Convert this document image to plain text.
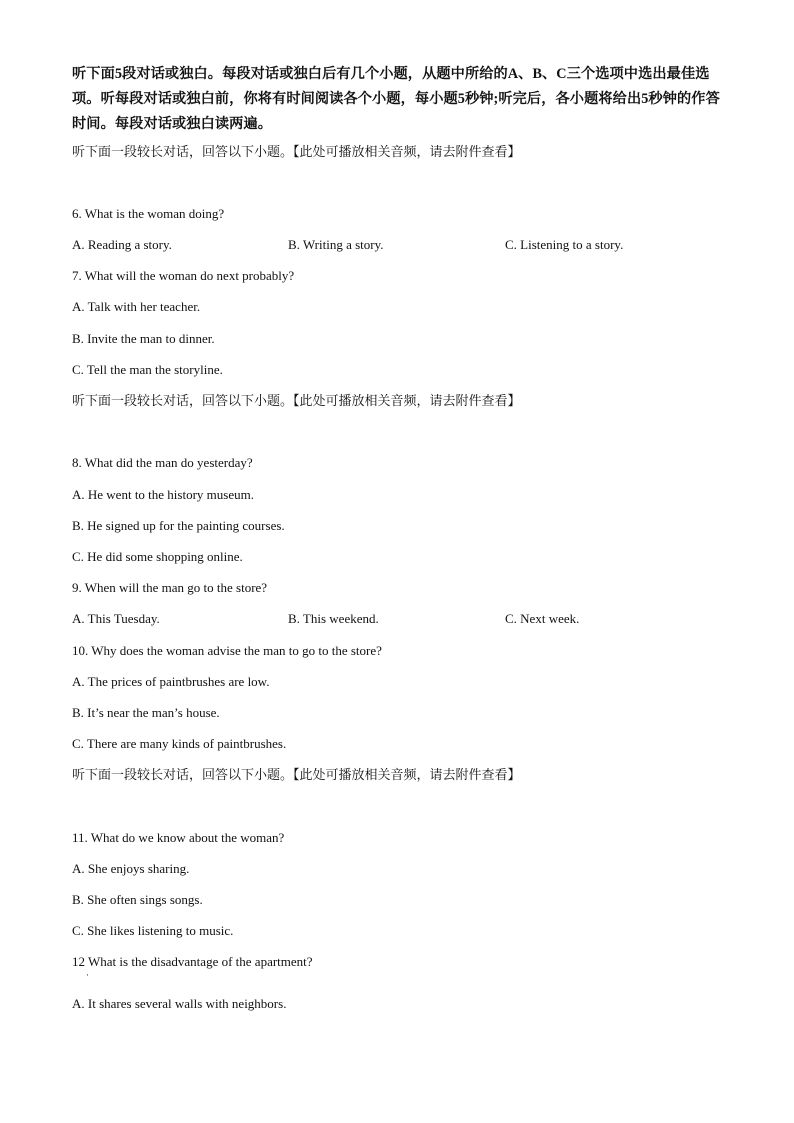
听下面5段对话或独白。每段对话或独白后有几个小题，从题中所给的A、B、C三个选项中选出最佳选项。听每段对话或独白前，你将有时间阅读各个小题，每小题5秒钟;听完后，各小题将给出5秒钟的作答时间。每段对话或独白读两遍。
听下面一段较长对话，回答以下小题。【此处可播放相关音频，请去附件查看】
6. What is the woman doing?
A. Reading a story.	B. Writing a story.	C. Listening to a story.
7. What will the woman do next probably?
A. Talk with her teacher.
B. Invite the man to dinner.
C. Tell the man the storyline.
听下面一段较长对话，回答以下小题。【此处可播放相关音频，请去附件查看】
8. What did the man do yesterday?
A. He went to the history museum.
B. He signed up for the painting courses.
C. He did some shopping online.
9. When will the man go to the store?
A. This Tuesday.	B. This weekend.	C. Next week.
10. Why does the woman advise the man to go to the store?
A. The prices of paintbrushes are low.
B. It’s near the man’s house.
C. There are many kinds of paintbrushes.
听下面一段较长对话，回答以下小题。【此处可播放相关音频，请去附件查看】
11. What do we know about the woman?
A. She enjoys sharing.
B. She often sings songs.
C. She likes listening to music.
12 What is the disadvantage of the apartment?
·
A. It shares several walls with neighbors.
